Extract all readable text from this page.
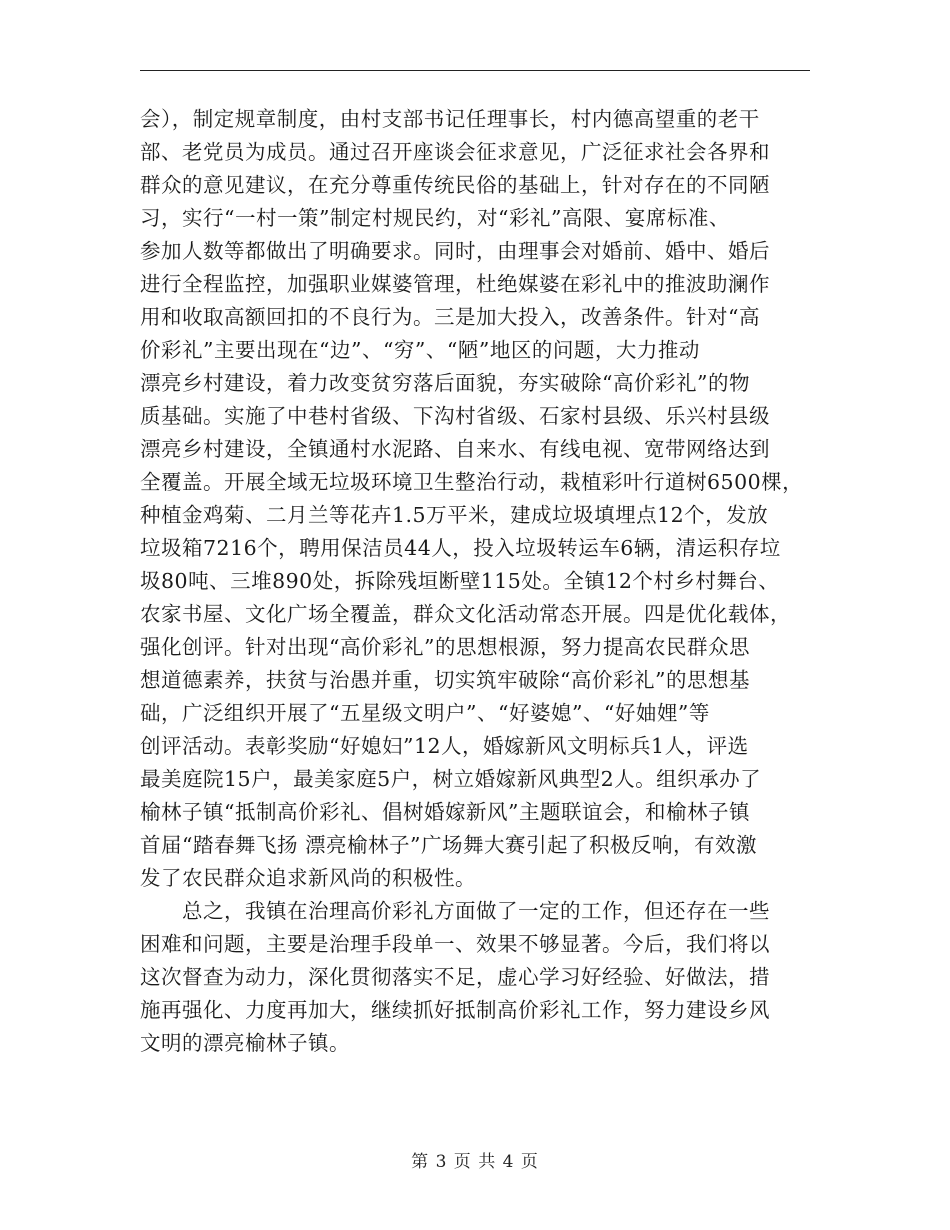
会），制定规章制度，由村支部书记任理事长，村内德高望重的老干
部、老党员为成员。通过召开座谈会征求意见，广泛征求社会各界和
群众的意见建议，在充分尊重传统民俗的基础上，针对存在的不同陋
习，实行“一村一策”制定村规民约，对“彩礼”高限、宴席标准、
参加人数等都做出了明确要求。同时，由理事会对婚前、婚中、婚后
进行全程监控，加强职业媒婆管理，杜绝媒婆在彩礼中的推波助澜作
用和收取高额回扣的不良行为。三是加大投入，改善条件。针对“高
价彩礼”主要出现在“边”、“穷”、“陋”地区的问题，大力推动
漂亮乡村建设，着力改变贫穷落后面貌，夯实破除“高价彩礼”的物
质基础。实施了中巷村省级、下沟村省级、石家村县级、乐兴村县级
漂亮乡村建设，全镇通村水泥路、自来水、有线电视、宽带网络达到
全覆盖。开展全域无垃圾环境卫生整治行动，栽植彩叶行道树6500棵，
种植金鸡菊、二月兰等花卉1.5万平米，建成垃圾填埋点12个，发放
垃圾箱7216个，聘用保洁员44人，投入垃圾转运车6辆，清运积存垃
圾80吨、三堆890处，拆除残垣断壁115处。全镇12个村乡村舞台、
农家书屋、文化广场全覆盖，群众文化活动常态开展。四是优化载体，
强化创评。针对出现“高价彩礼”的思想根源，努力提高农民群众思
想道德素养，扶贫与治愚并重，切实筑牢破除“高价彩礼”的思想基
础，广泛组织开展了“五星级文明户”、“好婆媳”、“好妯娌”等
创评活动。表彰奖励“好媳妇”12人，婚嫁新风文明标兵1人，评选
最美庭院15户，最美家庭5户，树立婚嫁新风典型2人。组织承办了
榆林子镇“抵制高价彩礼、倡树婚嫁新风”主题联谊会，和榆林子镇
首届“踏春舞飞扬 漂亮榆林子”广场舞大赛引起了积极反响，有效激
发了农民群众追求新风尚的积极性。
总之，我镇在治理高价彩礼方面做了一定的工作，但还存在一些
困难和问题，主要是治理手段单一、效果不够显著。今后，我们将以
这次督查为动力，深化贯彻落实不足，虚心学习好经验、好做法，措
施再强化、力度再加大，继续抓好抵制高价彩礼工作，努力建设乡风
文明的漂亮榆林子镇。
第 3 页 共 4 页
